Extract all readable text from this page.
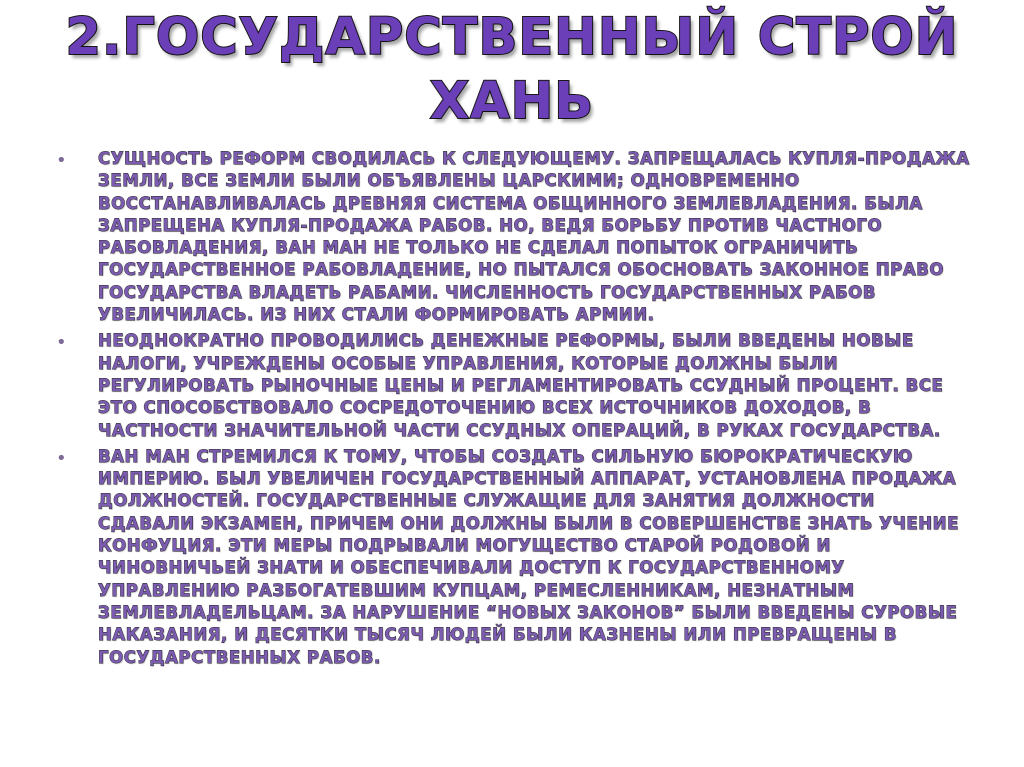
2.ГОСУДАРСТВЕННЫЙ СТРОЙ ХАНЬ
• СУЩНОСТЬ РЕФОРМ СВОДИЛАСЬ К СЛЕДУЮЩЕМУ. ЗАПРЕЩАЛАСЬ КУПЛЯ-ПРОДАЖА ЗЕМЛИ, ВСЕ ЗЕМЛИ БЫЛИ ОБЪЯВЛЕНЫ ЦАРСКИМИ; ОДНОВРЕМЕННО ВОССТАНАВЛИВАЛАСЬ ДРЕВНЯЯ СИСТЕМА ОБЩИННОГО ЗЕМЛЕВЛАДЕНИЯ. БЫЛА ЗАПРЕЩЕНА КУПЛЯ-ПРОДАЖА РАБОВ. НО, ВЕДЯ БОРЬБУ ПРОТИВ ЧАСТНОГО РАБОВЛАДЕНИЯ, ВАН МАН НЕ ТОЛЬКО НЕ СДЕЛАЛ ПОПЫТОК ОГРАНИЧИТЬ ГОСУДАРСТВЕННОЕ РАБОВЛАДЕНИЕ, НО ПЫТАЛСЯ ОБОСНОВАТЬ ЗАКОННОЕ ПРАВО ГОСУДАРСТВА ВЛАДЕТЬ РАБАМИ. ЧИСЛЕННОСТЬ ГОСУДАРСТВЕННЫХ РАБОВ УВЕЛИЧИЛАСЬ. ИЗ НИХ СТАЛИ ФОРМИРОВАТЬ АРМИИ.
• НЕОДНОКРАТНО ПРОВОДИЛИСЬ ДЕНЕЖНЫЕ РЕФОРМЫ, БЫЛИ ВВЕДЕНЫ НОВЫЕ НАЛОГИ, УЧРЕЖДЕНЫ ОСОБЫЕ УПРАВЛЕНИЯ, КОТОРЫЕ ДОЛЖНЫ БЫЛИ РЕГУЛИРОВАТЬ РЫНОЧНЫЕ ЦЕНЫ И РЕГЛАМЕНТИРОВАТЬ ССУДНЫЙ ПРОЦЕНТ. ВСЕ ЭТО СПОСОБСТВОВАЛО СОСРЕДОТОЧЕНИЮ ВСЕХ ИСТОЧНИКОВ ДОХОДОВ, В ЧАСТНОСТИ ЗНАЧИТЕЛЬНОЙ ЧАСТИ ССУДНЫХ ОПЕРАЦИЙ, В РУКАХ ГОСУДАРСТВА.
• ВАН МАН СТРЕМИЛСЯ К ТОМУ, ЧТОБЫ СОЗДАТЬ СИЛЬНУЮ БЮРОКРАТИЧЕСКУЮ ИМПЕРИЮ. БЫЛ УВЕЛИЧЕН ГОСУДАРСТВЕННЫЙ АППАРАТ, УСТАНОВЛЕНА ПРОДАЖА ДОЛЖНОСТЕЙ. ГОСУДАРСТВЕННЫЕ СЛУЖАЩИЕ ДЛЯ ЗАНЯТИЯ ДОЛЖНОСТИ СДАВАЛИ ЭКЗАМЕН, ПРИЧЕМ ОНИ ДОЛЖНЫ БЫЛИ В СОВЕРШЕНСТВЕ ЗНАТЬ УЧЕНИЕ КОНФУЦИЯ. ЭТИ МЕРЫ ПОДРЫВАЛИ МОГУЩЕСТВО СТАРОЙ РОДОВОЙ И ЧИНОВНИЧЬЕЙ ЗНАТИ И ОБЕСПЕЧИВАЛИ ДОСТУП К ГОСУДАРСТВЕННОМУ УПРАВЛЕНИЮ РАЗБОГАТЕВШИМ КУПЦАМ, РЕМЕСЛЕННИКАМ, НЕЗНАТНЫМ ЗЕМЛЕВЛАДЕЛЬЦАМ. ЗА НАРУШЕНИЕ “НОВЫХ ЗАКОНОВ” БЫЛИ ВВЕДЕНЫ СУРОВЫЕ НАКАЗАНИЯ, И ДЕСЯТКИ ТЫСЯЧ ЛЮДЕЙ БЫЛИ КАЗНЕНЫ ИЛИ ПРЕВРАЩЕНЫ В ГОСУДАРСТВЕННЫХ РАБОВ.
